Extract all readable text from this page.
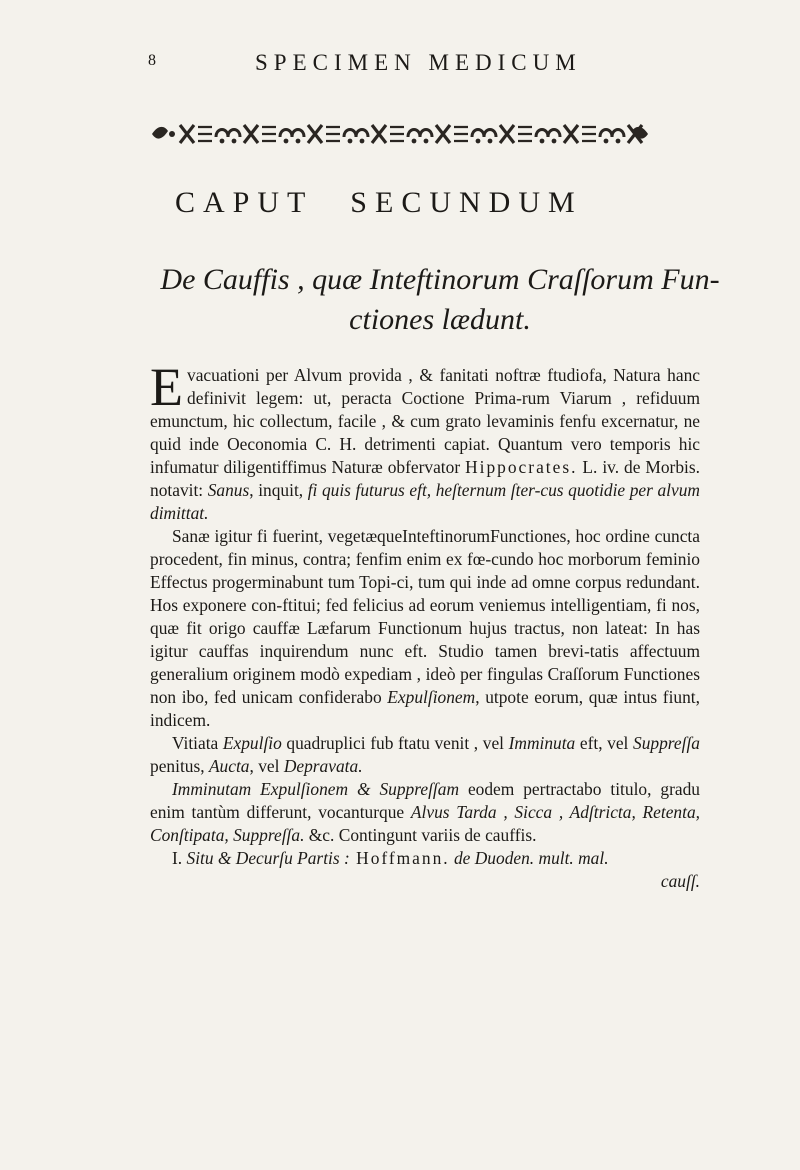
8	SPECIMEN MEDICUM
CAPUT SECUNDUM
De Cauffis , quæ Inteftinorum Craſſorum Fun-
ctiones lædunt.

Evacuationi per Alvum provida , & fanitati noftræ ftudiofa, Natura hanc definivit legem: ut, peracta Coctione Prima-rum Viarum , refiduum emunctum, hic collectum, facile , & cum grato levaminis fenfu excernatur, ne quid inde Oeconomia C. H. detrimenti capiat. Quantum vero temporis hic infumatur diligentiffimus Naturæ obfervator Hippocrates. L. iv. de Morbis. notavit: Sanus, inquit, fi quis futurus eft, heſternum ſter-cus quotidie per alvum dimittat.

Sanæ igitur fi fuerint, vegetæqueInteftinorumFunctiones, hoc ordine cuncta procedent, fin minus, contra; fenfim enim ex fœ-cundo hoc morborum feminio Effectus progerminabunt tum Topi-ci, tum qui inde ad omne corpus redundant. Hos exponere con-ftitui; fed felicius ad eorum veniemus intelligentiam, fi nos, quæ fit origo cauffæ Læfarum Functionum hujus tractus, non lateat: In has igitur cauffas inquirendum nunc eft. Studio tamen brevi-tatis affectuum generalium originem modò expediam , ideò per fingulas Craſſorum Functiones non ibo, fed unicam confiderabo Expulſionem, utpote eorum, quæ intus fiunt, indicem.

Vitiata Expulſio quadruplici fub ftatu venit , vel Imminuta eft, vel Suppreſſa penitus, Aucta, vel Depravata.

Imminutam Expulſionem & Suppreſſam eodem pertractabo titulo, gradu enim tantùm differunt, vocanturque Alvus Tarda , Sicca , Adſtricta, Retenta, Conſtipata, Suppreſſa. &c. Contingunt variis de cauffis.

I. Situ & Decurſu Partis : Hoffmann. de Duoden. mult. mal.

cauſſ.
